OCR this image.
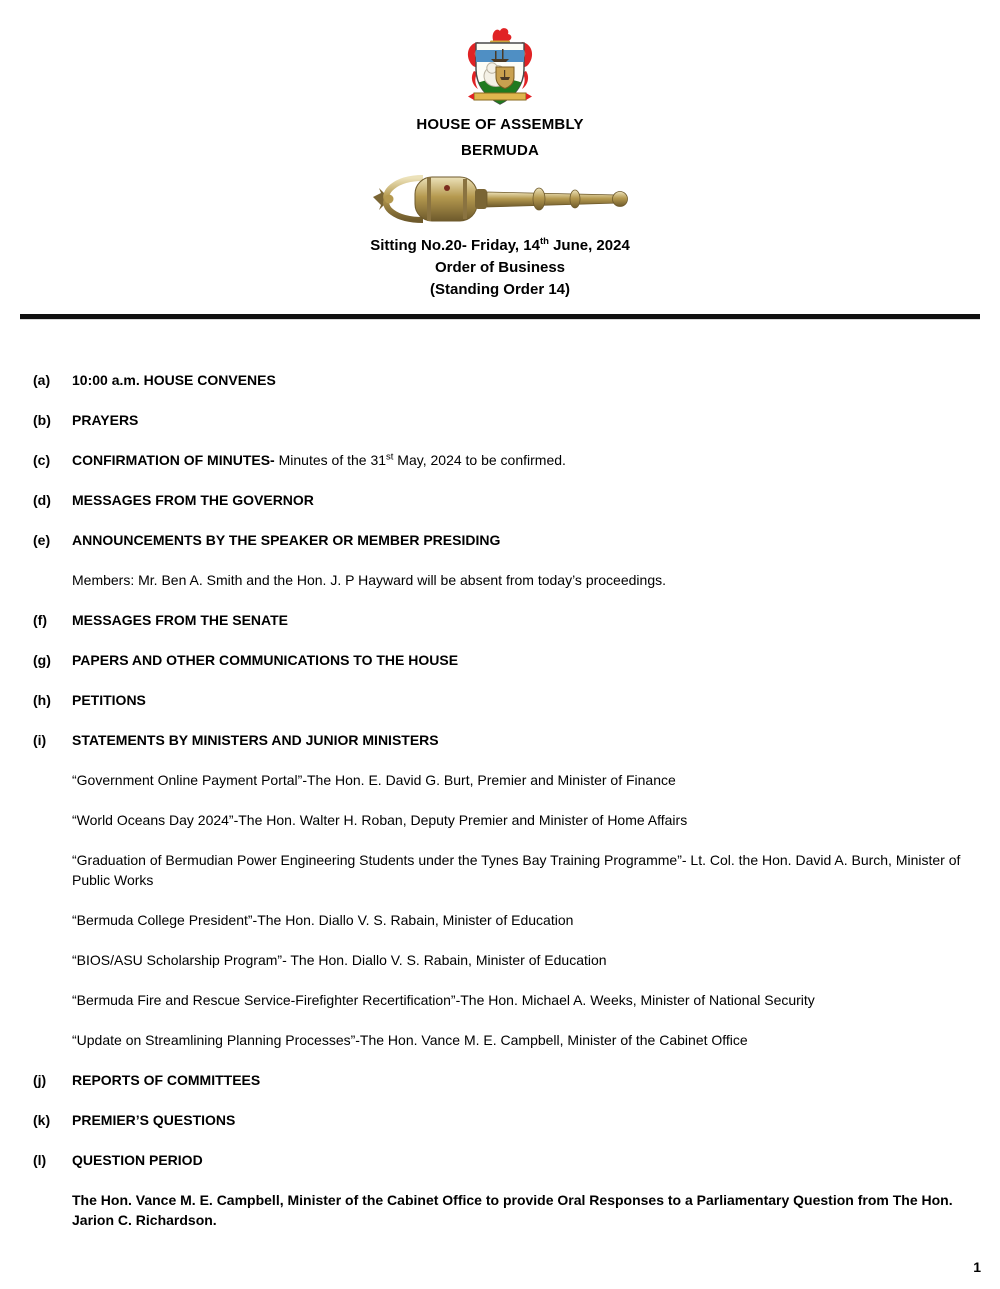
HOUSE OF ASSEMBLY
BERMUDA
Sitting No.20- Friday, 14th June, 2024
Order of Business
(Standing Order 14)
(a)	10:00 a.m. HOUSE CONVENES
(b)	PRAYERS
(c)	CONFIRMATION OF MINUTES- Minutes of the 31st May, 2024 to be confirmed.
(d)	MESSAGES FROM THE GOVERNOR
(e)	ANNOUNCEMENTS BY THE SPEAKER OR MEMBER PRESIDING

Members: Mr. Ben A. Smith and the Hon. J. P Hayward will be absent from today’s proceedings.

(f)	MESSAGES FROM THE SENATE
(g)	PAPERS AND OTHER COMMUNICATIONS TO THE HOUSE
(h)	PETITIONS
(i)	STATEMENTS BY MINISTERS AND JUNIOR MINISTERS

“Government Online Payment Portal”-The Hon. E. David G. Burt, Premier and Minister of Finance

“World Oceans Day 2024”-The Hon. Walter H. Roban, Deputy Premier and Minister of Home Affairs

“Graduation of Bermudian Power Engineering Students under the Tynes Bay Training Programme”- Lt. Col. the Hon. David A. Burch, Minister of Public Works

“Bermuda College President”-The Hon. Diallo V. S. Rabain, Minister of Education

“BIOS/ASU Scholarship Program”- The Hon. Diallo V. S. Rabain, Minister of Education

“Bermuda Fire and Rescue Service-Firefighter Recertification”-The Hon. Michael A. Weeks, Minister of National Security

“Update on Streamlining Planning Processes”-The Hon. Vance M. E. Campbell, Minister of the Cabinet Office

(j)	REPORTS OF COMMITTEES
(k)	PREMIER’S QUESTIONS
(l)	QUESTION PERIOD

The Hon. Vance M. E. Campbell, Minister of the Cabinet Office to provide Oral Responses to a Parliamentary Question from The Hon. Jarion C. Richardson.

1
